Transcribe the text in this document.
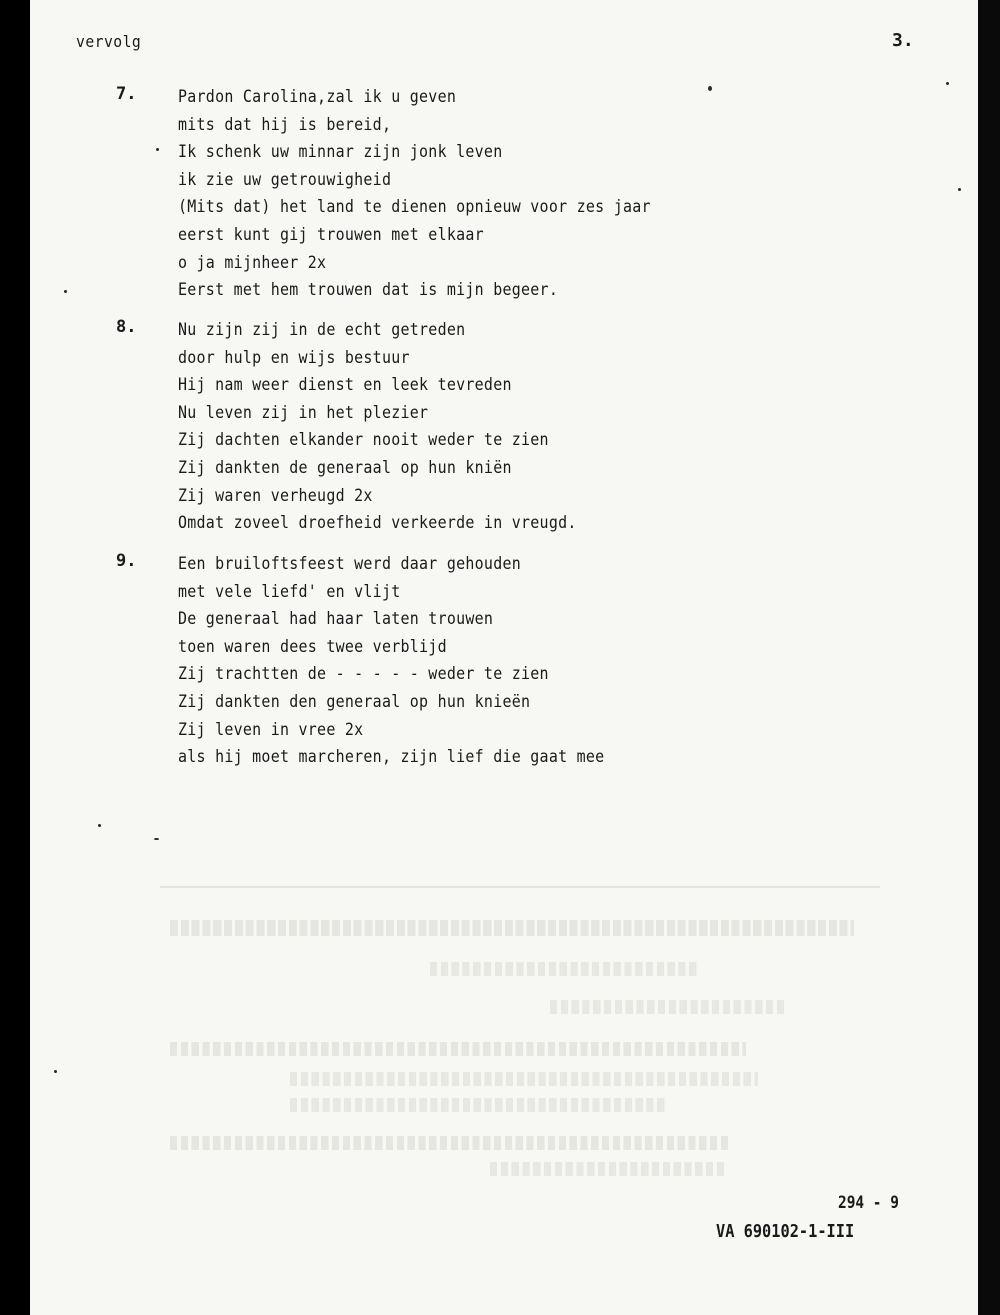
vervolg	3.
7. Pardon Carolina,zal ik u geven
mits dat hij is bereid,
Ik schenk uw minnar zijn jonk leven
ik zie uw getrouwigheid
(Mits dat) het land te dienen opnieuw voor zes jaar
eerst kunt gij trouwen met elkaar
o ja mijnheer 2x
Eerst met hem trouwen dat is mijn begeer.
8. Nu zijn zij in de echt getreden
door hulp en wijs bestuur
Hij nam weer dienst en leek tevreden
Nu leven zij in het plezier
Zij dachten elkander nooit weder te zien
Zij dankten de generaal op hun kniën
Zij waren verheugd 2x
Omdat zoveel droefheid verkeerde in vreugd.
9. Een bruiloftsfeest werd daar gehouden
met vele liefd' en vlijt
De generaal had haar laten trouwen
toen waren dees twee verblijd
Zij trachtten de - - - - - weder te zien
Zij dankten den generaal op hun knieën
Zij leven in vree 2x
als hij moet marcheren, zijn lief die gaat mee
294 - 9
VA 690102-1-III
